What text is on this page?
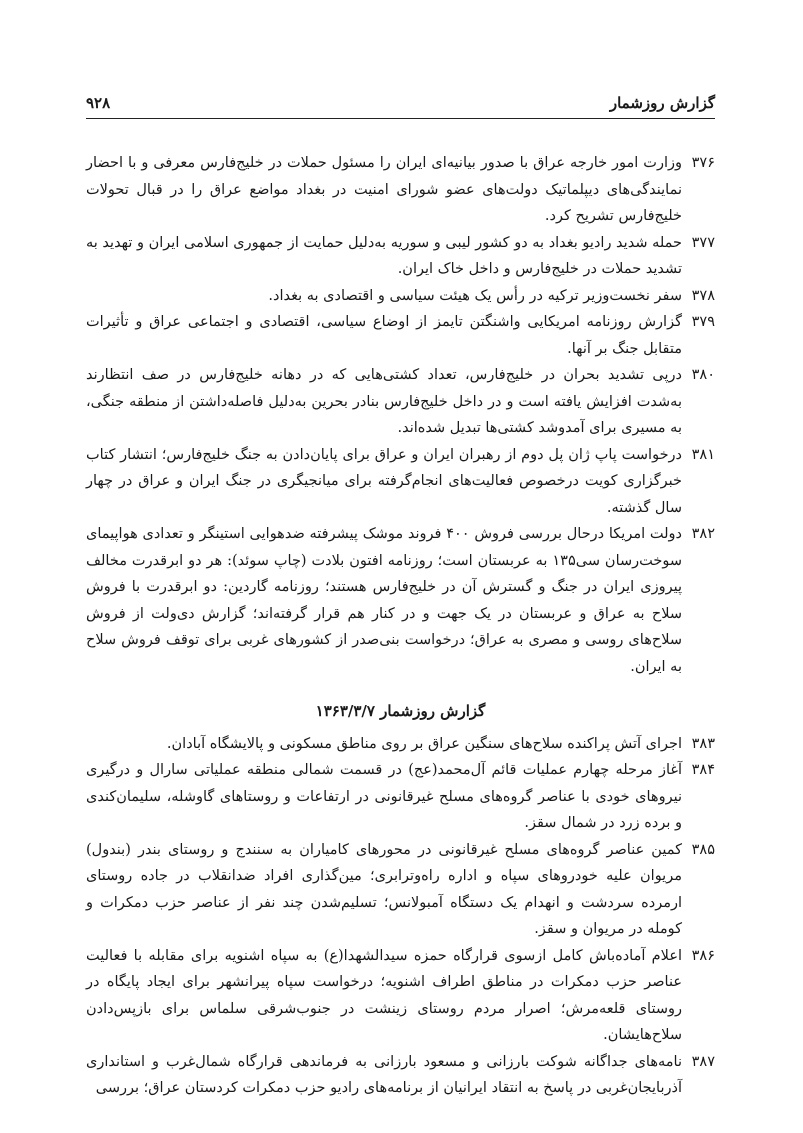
گزارش روزشمار
۹۲۸

۳۷۶
وزارت امور خارجه عراق با صدور بیانیه‌ای ایران را مسئول حملات در خلیج‌فارس معرفی و با احضار نمایندگی‌های دیپلماتیک دولت‌های عضو شورای امنیت در بغداد مواضع عراق را در قبال تحولات خلیج‌فارس تشریح کرد.

۳۷۷
حمله شدید رادیو بغداد به دو کشور لیبی و سوریه به‌دلیل حمایت از جمهوری اسلامی ایران و تهدید به تشدید حملات در خلیج‌فارس و داخل خاک ایران.

۳۷۸
سفر نخست‌وزیر ترکیه در رأس یک هیئت سیاسی و اقتصادی به بغداد.

۳۷۹
گزارش روزنامه امریکایی واشنگتن تایمز از اوضاع سیاسی، اقتصادی و اجتماعی عراق و تأثیرات متقابل جنگ بر آنها.

۳۸۰
درپی تشدید بحران در خلیج‌فارس، تعداد کشتی‌هایی که در دهانه خلیج‌فارس در صف انتظارند به‌شدت افزایش یافته است و در داخل خلیج‌فارس بنادر بحرین به‌دلیل فاصله‌داشتن از منطقه جنگی، به مسیری برای آمدوشد کشتی‌ها تبدیل شده‌اند.

۳۸۱
درخواست پاپ ژان پل دوم از رهبران ایران و عراق برای پایان‌دادن به جنگ خلیج‌فارس؛ انتشار کتاب خبرگزاری کویت درخصوص فعالیت‌های انجام‌گرفته برای میانجیگری در جنگ ایران و عراق در چهار سال گذشته.

۳۸۲
دولت امریکا درحال بررسی فروش ۴۰۰ فروند موشک پیشرفته ضدهوایی استینگر و تعدادی هواپیمای سوخت‌رسان سی۱۳۵ به عربستان است؛ روزنامه افتون بلادت (چاپ سوئد): هر دو ابرقدرت مخالف پیروزی ایران در جنگ و گسترش آن در خلیج‌فارس هستند؛ روزنامه گاردین: دو ابرقدرت با فروش سلاح به عراق و عربستان در یک جهت و در کنار هم قرار گرفته‌اند؛ گزارش دی‌ولت از فروش سلاح‌های روسی و مصری به عراق؛ درخواست بنی‌صدر از کشورهای غربی برای توقف فروش سلاح به ایران.

گزارش روزشمار ۱۳۶۳/۳/۷

۳۸۳
اجرای آتش پراکنده سلاح‌های سنگین عراق بر روی مناطق مسکونی و پالایشگاه آبادان.

۳۸۴
آغاز مرحله چهارم عملیات قائم آل‌محمد(عج) در قسمت شمالی منطقه عملیاتی سارال و درگیری نیروهای خودی با عناصر گروه‌های مسلح غیرقانونی در ارتفاعات و روستاهای گاوشله، سلیمان‌کندی و برده زرد در شمال سقز.

۳۸۵
کمین عناصر گروه‌های مسلح غیرقانونی در محورهای کامیاران به سنندج و روستای بندر (بندول) مریوان علیه خودروهای سپاه و اداره راه‌وترابری؛ مین‌گذاری افراد ضدانقلاب در جاده روستای ارمرده سردشت و انهدام یک دستگاه آمبولانس؛ تسلیم‌شدن چند نفر از عناصر حزب دمکرات و کومله در مریوان و سقز.

۳۸۶
اعلام آماده‌باش کامل ازسوی قرارگاه حمزه سیدالشهدا(ع) به سپاه اشنویه برای مقابله با فعالیت عناصر حزب دمکرات در مناطق اطراف اشنویه؛ درخواست سپاه پیرانشهر برای ایجاد پایگاه در روستای قلعه‌مرش؛ اصرار مردم روستای زینشت در جنوب‌شرقی سلماس برای بازپس‌دادن سلاح‌هایشان.

۳۸۷
نامه‌های جداگانه شوکت بارزانی و مسعود بارزانی به فرماندهی قرارگاه شمال‌غرب و استانداری آذربایجان‌غربی در پاسخ به انتقاد ایرانیان از برنامه‌های رادیو حزب دمکرات کردستان عراق؛ بررسی
